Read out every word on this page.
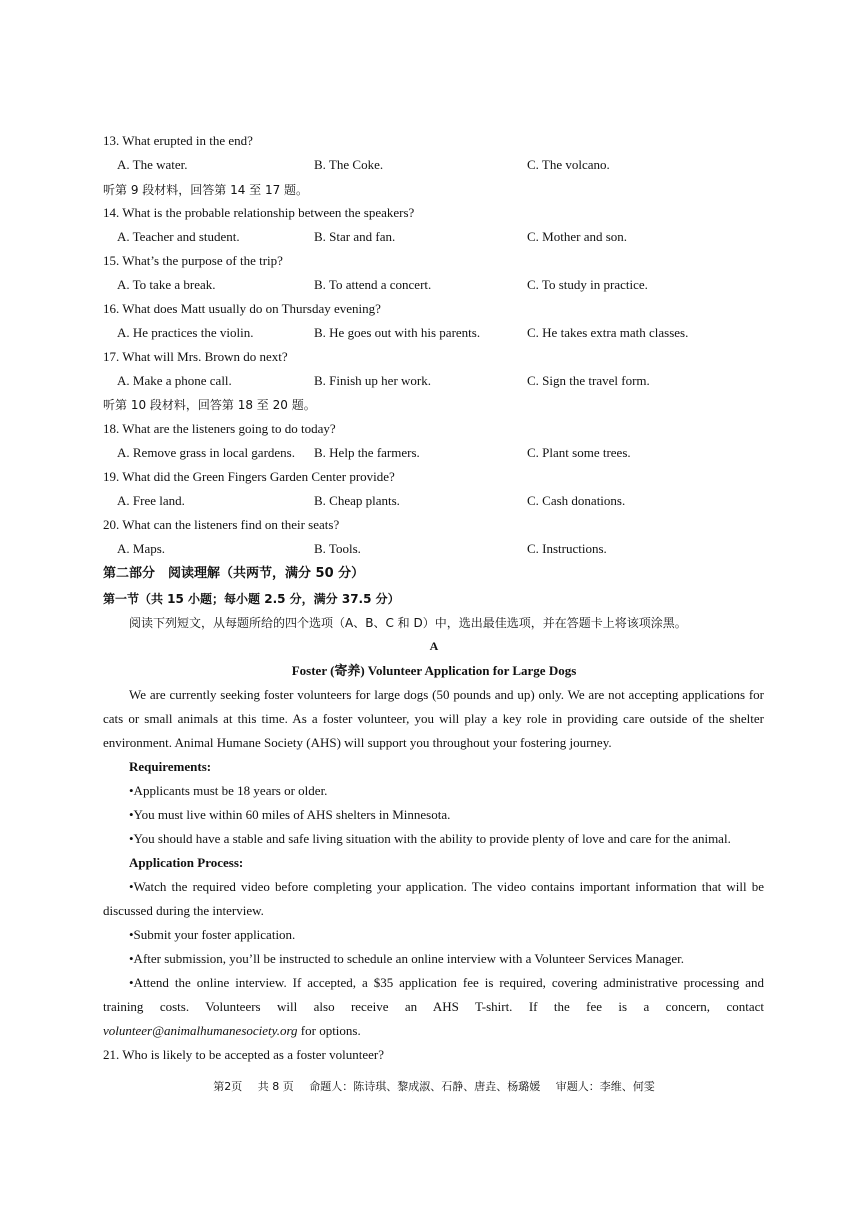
13. What erupted in the end?
A. The water.	B. The Coke.	C. The volcano.
听第 9 段材料，回答第 14 至 17 题。
14. What is the probable relationship between the speakers?
A. Teacher and student.	B. Star and fan.	C. Mother and son.
15. What’s the purpose of the trip?
A. To take a break.	B. To attend a concert.	C. To study in practice.
16. What does Matt usually do on Thursday evening?
A. He practices the violin.	B. He goes out with his parents.	C. He takes extra math classes.
17. What will Mrs. Brown do next?
A. Make a phone call.	B. Finish up her work.	C. Sign the travel form.
听第 10 段材料，回答第 18 至 20 题。
18. What are the listeners going to do today?
A. Remove grass in local gardens. B. Help the farmers.	C. Plant some trees.
19. What did the Green Fingers Garden Center provide?
A. Free land.	B. Cheap plants.	C. Cash donations.
20. What can the listeners find on their seats?
A. Maps.	B. Tools.	C. Instructions.
第二部分　阅读理解（共两节，满分 50 分）
第一节（共 15 小题；每小题 2.5 分，满分 37.5 分）
阅读下列短文，从每题所给的四个选项（A、B、C 和 D）中，选出最佳选项，并在答题卡上将该项涂黑。
A
Foster (寄养) Volunteer Application for Large Dogs
We are currently seeking foster volunteers for large dogs (50 pounds and up) only. We are not accepting applications for cats or small animals at this time. As a foster volunteer, you will play a key role in providing care outside of the shelter environment. Animal Humane Society (AHS) will support you throughout your fostering journey.
Requirements:
•Applicants must be 18 years or older.
•You must live within 60 miles of AHS shelters in Minnesota.
•You should have a stable and safe living situation with the ability to provide plenty of love and care for the animal.
Application Process:
•Watch the required video before completing your application. The video contains important information that will be discussed during the interview.
•Submit your foster application.
•After submission, you’ll be instructed to schedule an online interview with a Volunteer Services Manager.
•Attend the online interview. If accepted, a $35 application fee is required, covering administrative processing and training costs. Volunteers will also receive an AHS T-shirt. If the fee is a concern, contact volunteer@animalhumanesociety.org for options.
21. Who is likely to be accepted as a foster volunteer?
第2页 共 8 页 命题人：陈诗琪、黎成淑、石静、唐垚、杨璐媛 审题人：李维、何雯
